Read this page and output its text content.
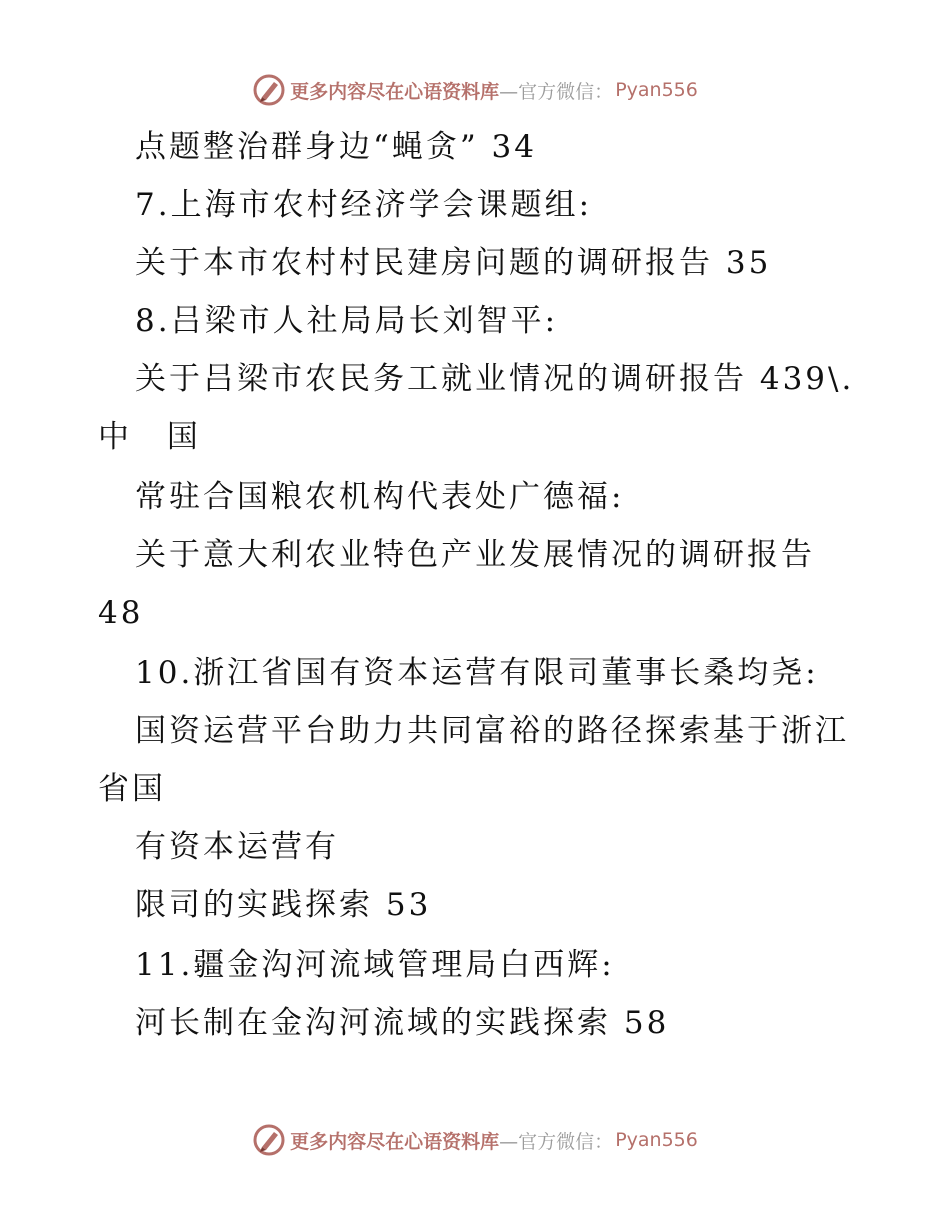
更多内容尽在心语资料库 —官方微信： Pyan556
点题整治群身边“蝇贪” 34
7.上海市农村经济学会课题组:
关于本市农村村民建房问题的调研报告 35
8.吕梁市人社局局长刘智平:
关于吕梁市农民务工就业情况的调研报告 439\.
中 国
常驻合国粮农机构代表处广德福:
关于意大利农业特色产业发展情况的调研报告
48
10.浙江省国有资本运营有限司董事长桑均尧:
国资运营平台助力共同富裕的路径探索基于浙江
省国
有资本运营有
限司的实践探索 53
11.疆金沟河流域管理局白西辉:
河长制在金沟河流域的实践探索 58
更多内容尽在心语资料库 —官方微信： Pyan556
